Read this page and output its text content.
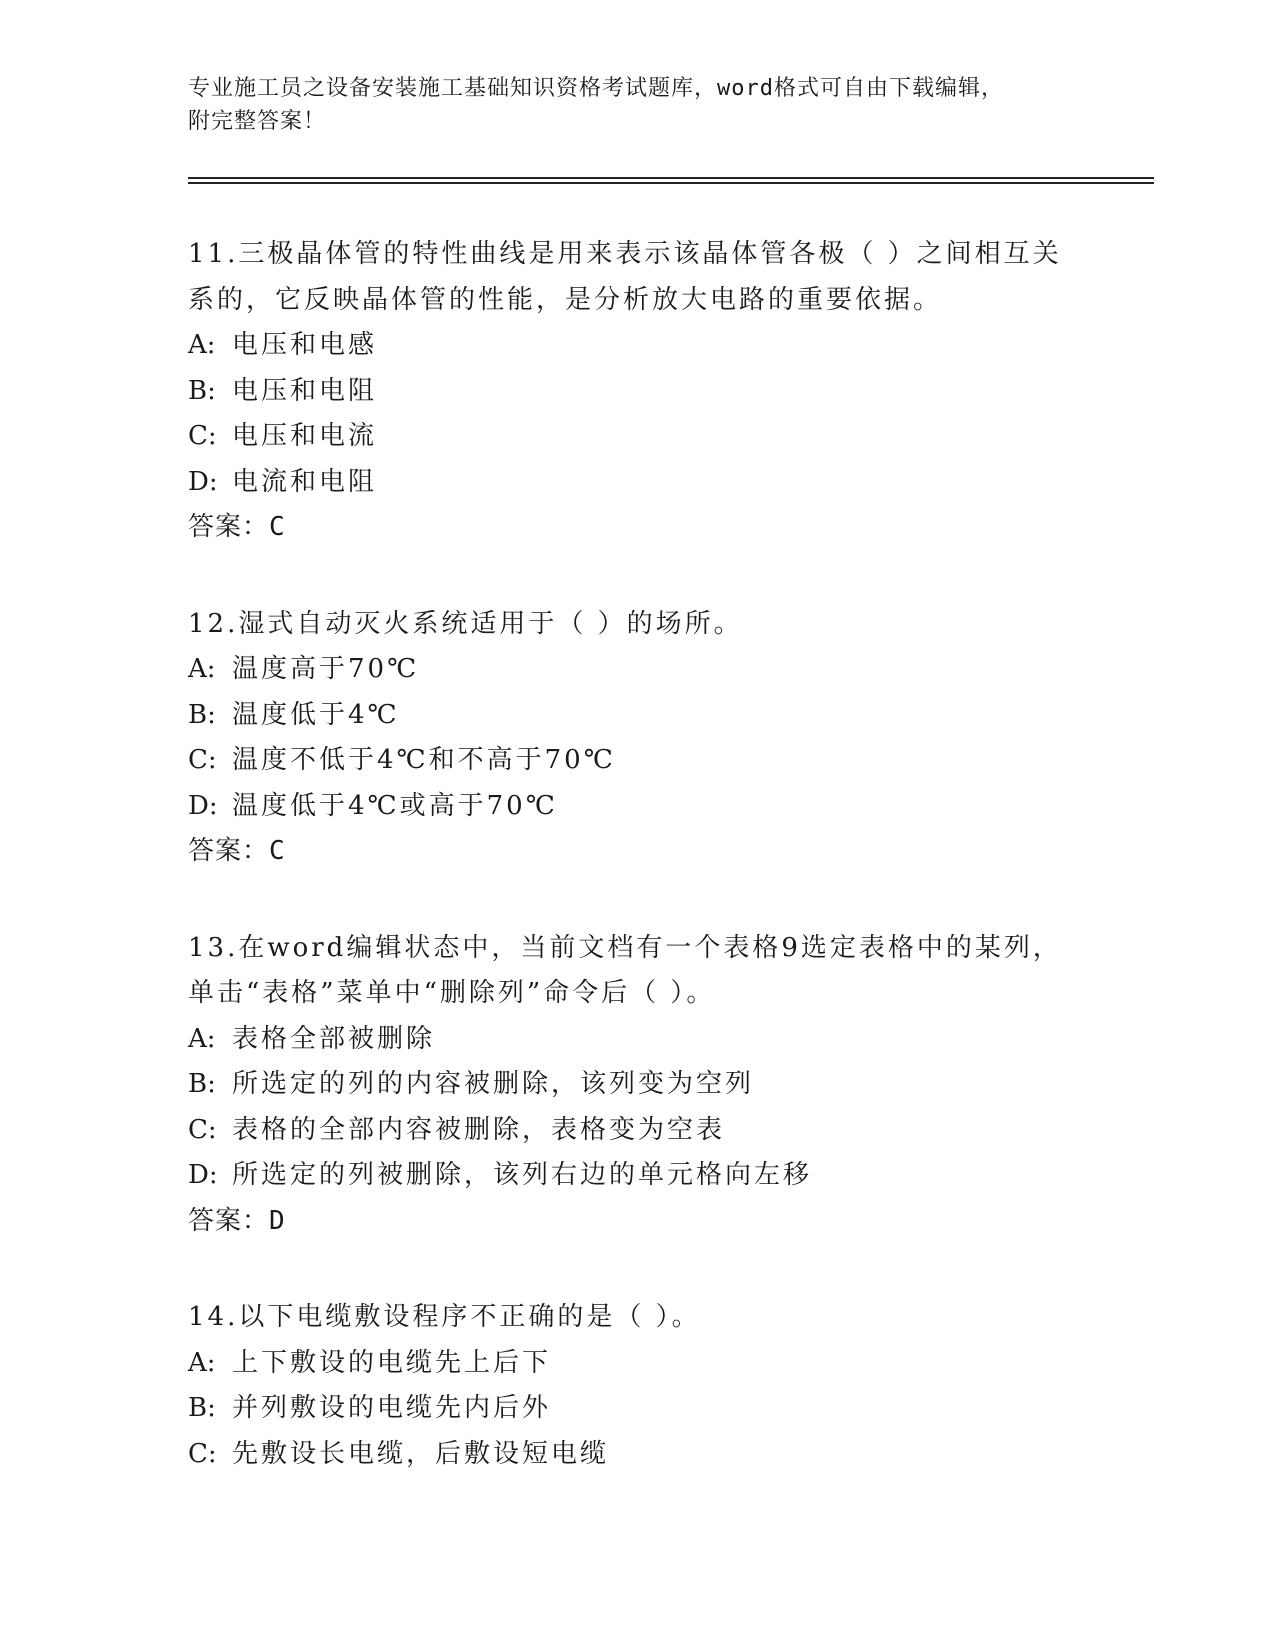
专业施工员之设备安装施工基础知识资格考试题库，word格式可自由下载编辑，
附完整答案！
11.三极晶体管的特性曲线是用来表示该晶体管各极（ ）之间相互关系的，它反映晶体管的性能，是分析放大电路的重要依据。
A: 电压和电感
B: 电压和电阻
C: 电压和电流
D: 电流和电阻
答案：C
12.湿式自动灭火系统适用于（ ）的场所。
A: 温度高于70℃
B: 温度低于4℃
C: 温度不低于4℃和不高于70℃
D: 温度低于4℃或高于70℃
答案：C
13.在word编辑状态中，当前文档有一个表格9选定表格中的某列，单击“表格”菜单中“删除列”命令后（ ）。
A: 表格全部被删除
B: 所选定的列的内容被删除，该列变为空列
C: 表格的全部内容被删除，表格变为空表
D: 所选定的列被删除，该列右边的单元格向左移
答案：D
14.以下电缆敷设程序不正确的是（ ）。
A: 上下敷设的电缆先上后下
B: 并列敷设的电缆先内后外
C: 先敷设长电缆，后敷设短电缆
